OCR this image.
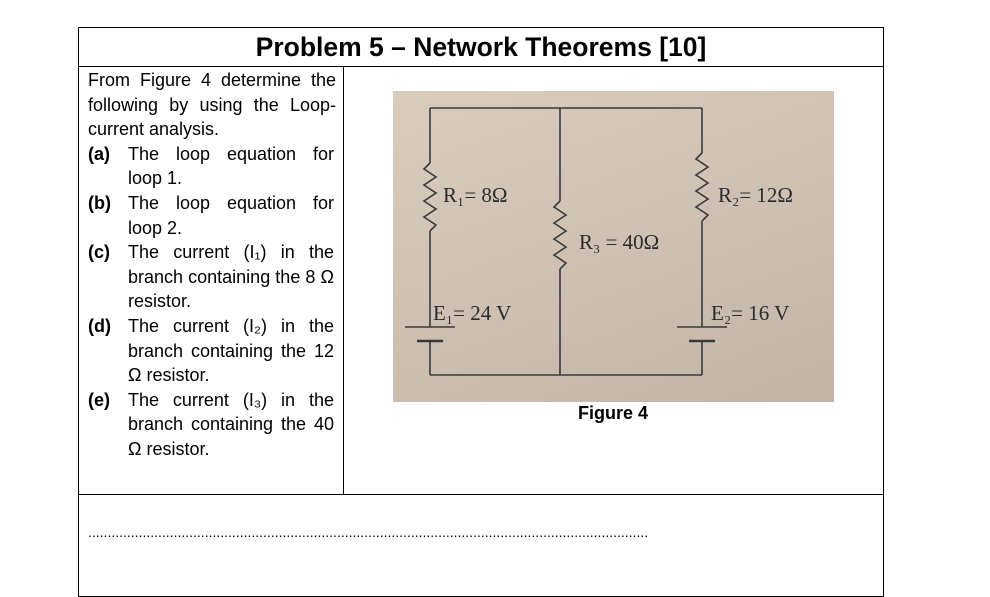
Problem 5 – Network Theorems [10]
From Figure 4 determine the following by using the Loop-current analysis.
(a)	The loop equation for loop 1.
(b) The loop equation for loop 2.
(c)	The current (I₁) in the branch containing the 8 Ω resistor.
(d) The current (I₂) in the branch containing the 12 Ω resistor.
(e)	The current (I₃) in the branch containing the 40 Ω resistor.
R₁= 8Ω	R₂= 12Ω
R₃ = 40Ω
E₁= 24 V	E₂= 16 V
Figure 4
................................................................................................................................................
